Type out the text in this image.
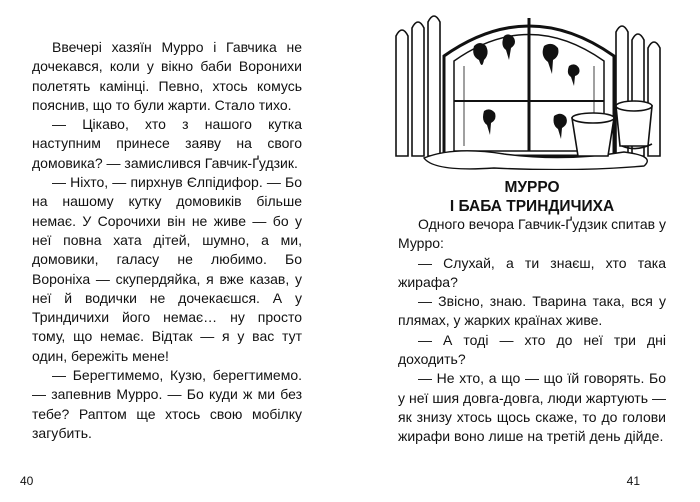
Ввечері хазяїн Мурро і Гавчика не дочекався, коли у вікно баби Воронихи полетять камінці. Певно, хтось комусь пояснив, що то були жарти. Стало тихо.

— Цікаво, хто з нашого кутка наступним принесе заяву на свого домовика? — замислився Гавчик-Ґудзик.

— Ніхто, — пирхнув Єлпідифор. — Бо на нашому кутку домовиків більше немає. У Сорочихи він не живе — бо у неї повна хата дітей, шумно, а ми, домовики, галасу не любимо. Бо Вороніха — скупердяйка, я вже казав, у неї й водички не дочекаєшся. А у Триндичихи його немає… ну просто тому, що немає. Відтак — я у вас тут один, бережіть мене!

— Берегтимемо, Кузю, берегтимемо. — запевнив Мурро. — Бо куди ж ми без тебе? Раптом ще хтось свою мобілку загубить.

40
МУРРО
І БАБА ТРИНДИЧИХА

Одного вечора Гавчик-Ґудзик спитав у Мурро:

— Слухай, а ти знаєш, хто така жирафа?

— Звісно, знаю. Тварина така, вся у плямах, у жарких країнах живе.

— А тоді — хто до неї три дні доходить?

— Не хто, а що — що їй говорять. Бо у неї шия довга-довга, люди жартують — як знизу хтось щось скаже, то до голови жирафи воно лише на третій день дійде.

41
